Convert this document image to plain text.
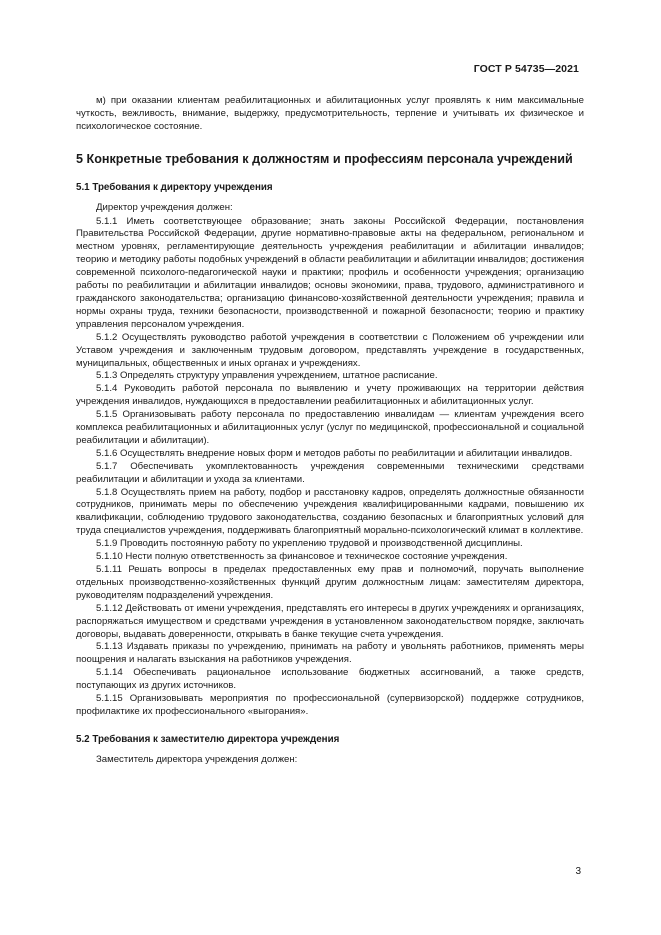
ГОСТ Р 54735—2021

м) при оказании клиентам реабилитационных и абилитационных услуг проявлять к ним максимальные чуткость, вежливость, внимание, выдержку, предусмотрительность, терпение и учитывать их физическое и психологическое состояние.

5 Конкретные требования к должностям и профессиям персонала учреждений
5.1 Требования к директору учреждения

Директор учреждения должен:

5.1.1 Иметь соответствующее образование; знать законы Российской Федерации, постановления Правительства Российской Федерации, другие нормативно-правовые акты на федеральном, региональном и местном уровнях, регламентирующие деятельность учреждения реабилитации и абилитации инвалидов; теорию и методику работы подобных учреждений в области реабилитации и абилитации инвалидов; достижения современной психолого-педагогической науки и практики; профиль и особенности учреждения; организацию работы по реабилитации и абилитации инвалидов; основы экономики, права, трудового, административного и гражданского законодательства; организацию финансово-хозяйственной деятельности учреждения; правила и нормы охраны труда, техники безопасности, производственной и пожарной безопасности; теорию и практику управления персоналом учреждения.

5.1.2 Осуществлять руководство работой учреждения в соответствии с Положением об учреждении или Уставом учреждения и заключенным трудовым договором, представлять учреждение в государственных, муниципальных, общественных и иных органах и учреждениях.

5.1.3 Определять структуру управления учреждением, штатное расписание.

5.1.4 Руководить работой персонала по выявлению и учету проживающих на территории действия учреждения инвалидов, нуждающихся в предоставлении реабилитационных и абилитационных услуг.

5.1.5 Организовывать работу персонала по предоставлению инвалидам — клиентам учреждения всего комплекса реабилитационных и абилитационных услуг (услуг по медицинской, профессиональной и социальной реабилитации и абилитации).

5.1.6 Осуществлять внедрение новых форм и методов работы по реабилитации и абилитации инвалидов.

5.1.7 Обеспечивать укомплектованность учреждения современными техническими средствами реабилитации и абилитации и ухода за клиентами.

5.1.8 Осуществлять прием на работу, подбор и расстановку кадров, определять должностные обязанности сотрудников, принимать меры по обеспечению учреждения квалифицированными кадрами, повышению их квалификации, соблюдению трудового законодательства, созданию безопасных и благоприятных условий для труда специалистов учреждения, поддерживать благоприятный морально-психологический климат в коллективе.

5.1.9 Проводить постоянную работу по укреплению трудовой и производственной дисциплины.

5.1.10 Нести полную ответственность за финансовое и техническое состояние учреждения.

5.1.11 Решать вопросы в пределах предоставленных ему прав и полномочий, поручать выполнение отдельных производственно-хозяйственных функций другим должностным лицам: заместителям директора, руководителям подразделений учреждения.

5.1.12 Действовать от имени учреждения, представлять его интересы в других учреждениях и организациях, распоряжаться имуществом и средствами учреждения в установленном законодательством порядке, заключать договоры, выдавать доверенности, открывать в банке текущие счета учреждения.

5.1.13 Издавать приказы по учреждению, принимать на работу и увольнять работников, применять меры поощрения и налагать взыскания на работников учреждения.

5.1.14 Обеспечивать рациональное использование бюджетных ассигнований, а также средств, поступающих из других источников.

5.1.15 Организовывать мероприятия по профессиональной (супервизорской) поддержке сотрудников, профилактике их профессионального «выгорания».

5.2 Требования к заместителю директора учреждения

Заместитель директора учреждения должен:

3
